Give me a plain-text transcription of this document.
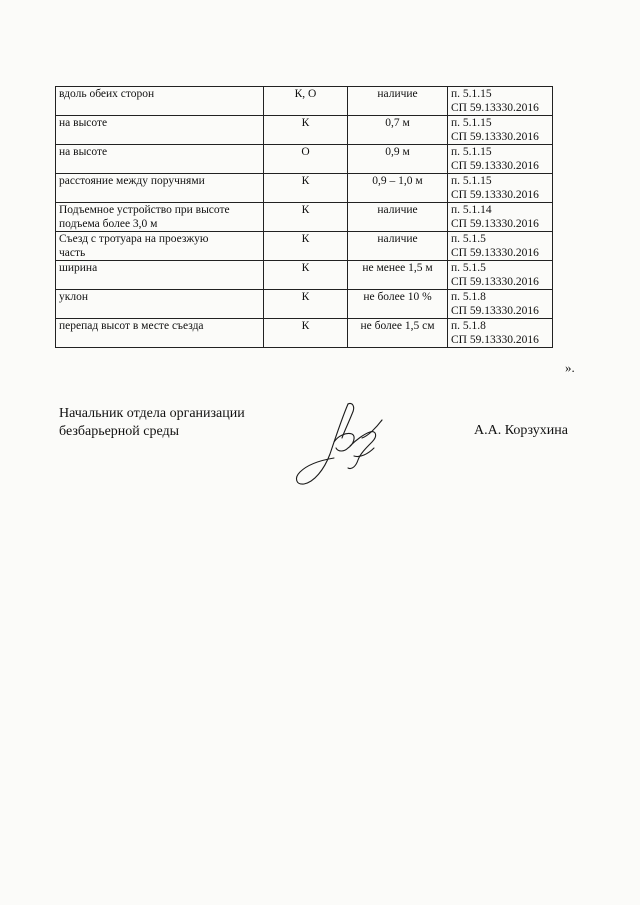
вдоль обеих сторон	К, О	наличие	п. 5.1.15
СП 59.13330.2016

на высоте	К	0,7 м	п. 5.1.15
СП 59.13330.2016

на высоте	О	0,9 м	п. 5.1.15
СП 59.13330.2016

расстояние между поручнями	К	0,9 – 1,0 м	п. 5.1.15
СП 59.13330.2016

Подъемное устройство при высоте
подъема более 3,0 м	К	наличие	п. 5.1.14
СП 59.13330.2016

Съезд с тротуара на проезжую
часть	К	наличие	п. 5.1.5
СП 59.13330.2016

ширина	К	не менее 1,5 м	п. 5.1.5
СП 59.13330.2016

уклон	К	не более 10 %	п. 5.1.8
СП 59.13330.2016

перепад высот в месте съезда	К	не более 1,5 см	п. 5.1.8
СП 59.13330.2016
».
Начальник отдела организации
безбарьерной среды	А.А. Корзухина
